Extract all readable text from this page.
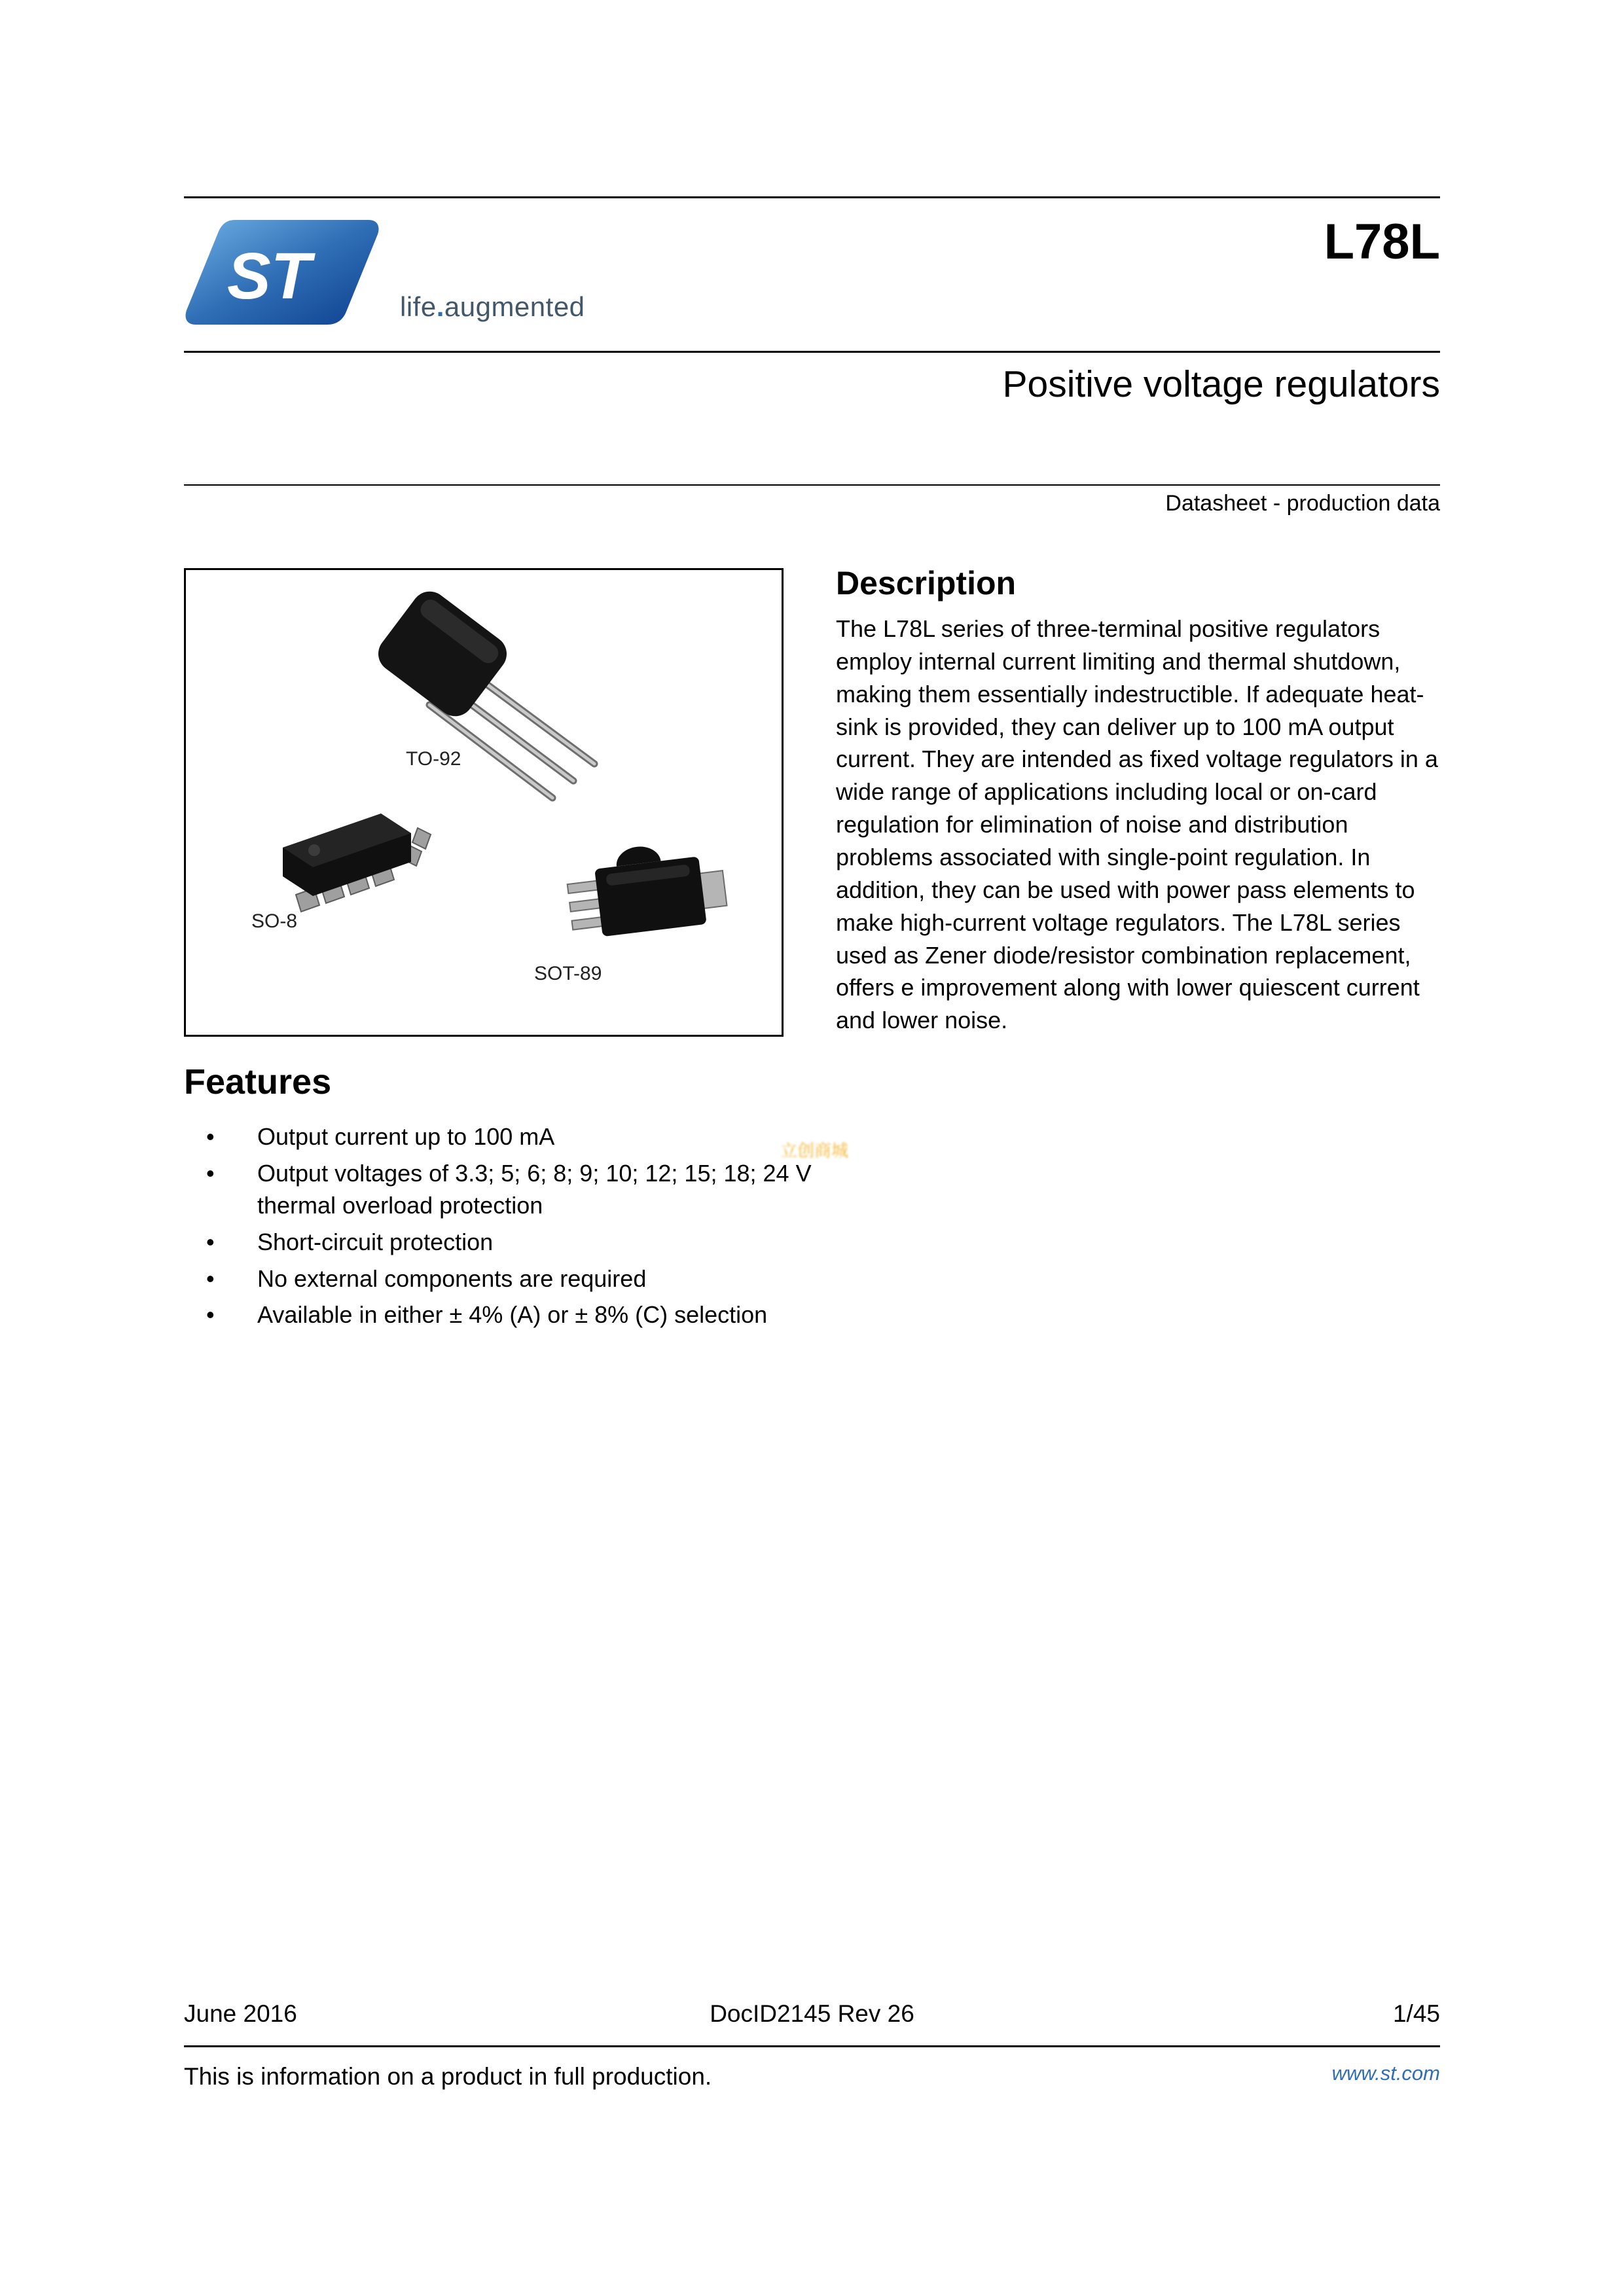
ST	life.augmented
L78L
Positive voltage regulators
Datasheet - production data
TO-92
SO-8
SOT-89
Description

The L78L series of three-terminal positive regulators employ internal current limiting and thermal shutdown, making them essentially indestructible. If adequate heat-sink is provided, they can deliver up to 100 mA output current. They are intended as fixed voltage regulators in a wide range of applications including local or on-card regulation for elimination of noise and distribution problems associated with single-point regulation. In addition, they can be used with power pass elements to make high-current voltage regulators. The L78L series used as Zener diode/resistor combination replacement, offers e improvement along with lower quiescent current and lower noise.

Features
• Output current up to 100 mA
• Output voltages of 3.3; 5; 6; 8; 9; 10; 12; 15; 18; 24 V thermal overload protection
• Short-circuit protection
• No external components are required
• Available in either ± 4% (A) or ± 8% (C) selection
立创商城
June 2016	DocID2145 Rev 26	1/45
This is information on a product in full production.	www.st.com
